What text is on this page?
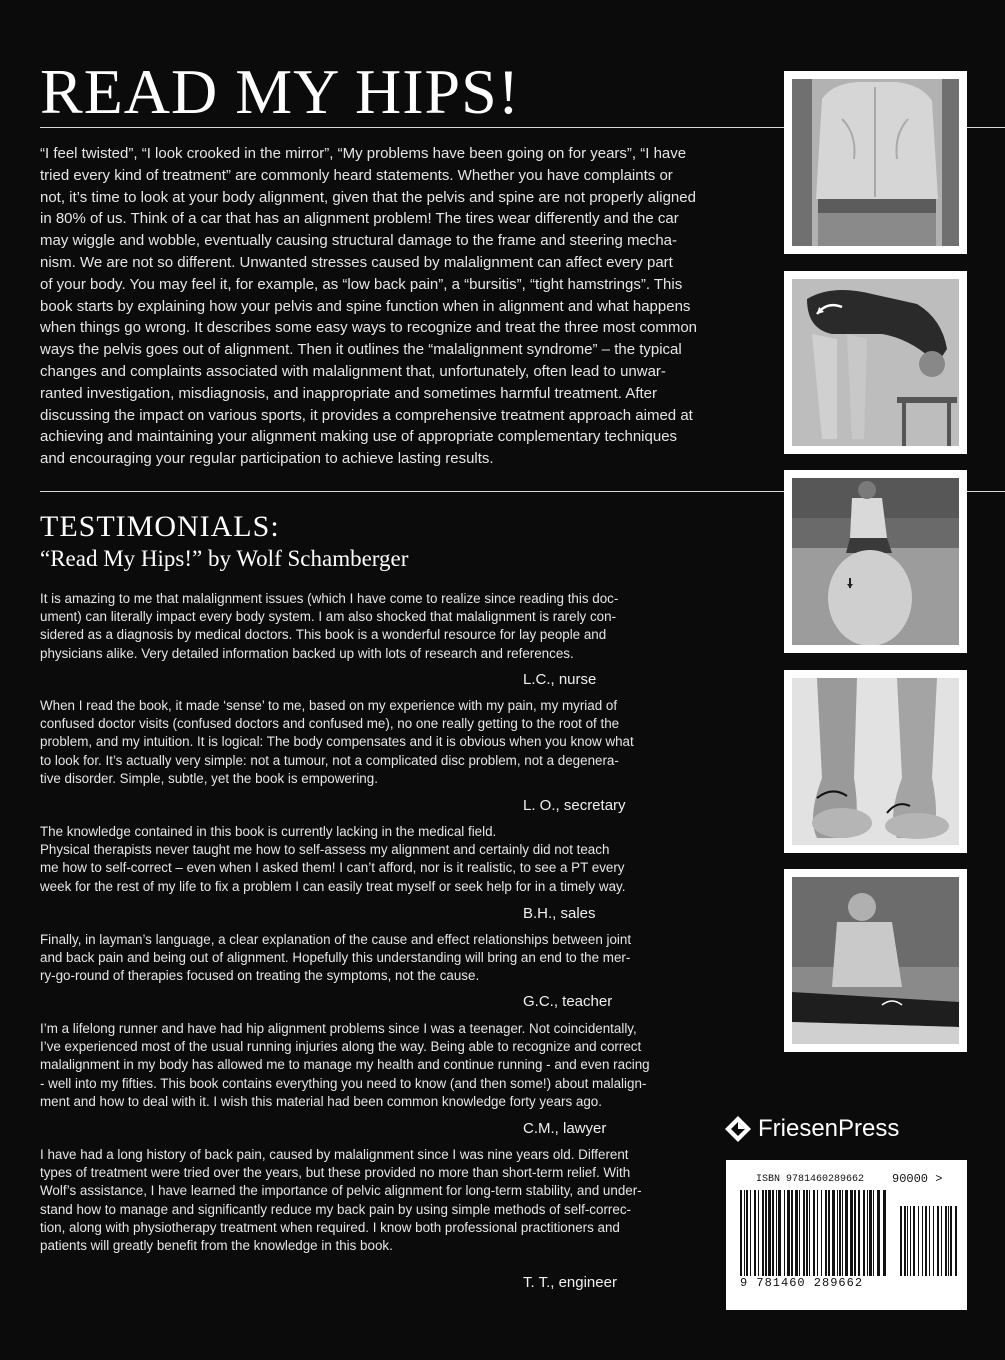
READ MY HIPS!
“I feel twisted”, “I look crooked in the mirror”, “My problems have been going on for years”, “I have
tried every kind of treatment” are commonly heard statements. Whether you have complaints or
not, it’s time to look at your body alignment, given that the pelvis and spine are not properly aligned
in 80% of us. Think of a car that has an alignment problem! The tires wear differently and the car
may wiggle and wobble, eventually causing structural damage to the frame and steering mecha-
nism. We are not so different. Unwanted stresses caused by malalignment can affect every part
of your body. You may feel it, for example, as “low back pain”, a “bursitis”, “tight hamstrings”. This
book starts by explaining how your pelvis and spine function when in alignment and what happens
when things go wrong. It describes some easy ways to recognize and treat the three most common
ways the pelvis goes out of alignment. Then it outlines the “malalignment syndrome” – the typical
changes and complaints associated with malalignment that, unfortunately, often lead to unwar-
ranted investigation, misdiagnosis, and inappropriate and sometimes harmful treatment. After
discussing the impact on various sports, it provides a comprehensive treatment approach aimed at
achieving and maintaining your alignment making use of appropriate complementary techniques
and encouraging your regular participation to achieve lasting results.
TESTIMONIALS:

“Read My Hips!” by Wolf Schamberger

It is amazing to me that malalignment issues (which I have come to realize since reading this doc-
ument) can literally impact every body system. I am also shocked that malalignment is rarely con-
sidered as a diagnosis by medical doctors. This book is a wonderful resource for lay people and
physicians alike. Very detailed information backed up with lots of research and references.
L.C., nurse
When I read the book, it made ‘sense’ to me, based on my experience with my pain, my myriad of
confused doctor visits (confused doctors and confused me), no one really getting to the root of the
problem, and my intuition. It is logical: The body compensates and it is obvious when you know what
to look for. It’s actually very simple: not a tumour, not a complicated disc problem, not a degenera-
tive disorder. Simple, subtle, yet the book is empowering.
L. O., secretary
The knowledge contained in this book is currently lacking in the medical field.
Physical therapists never taught me how to self-assess my alignment and certainly did not teach
me how to self-correct – even when I asked them! I can’t afford, nor is it realistic, to see a PT every
week for the rest of my life to fix a problem I can easily treat myself or seek help for in a timely way.
B.H., sales
Finally, in layman’s language, a clear explanation of the cause and effect relationships between joint
and back pain and being out of alignment. Hopefully this understanding will bring an end to the mer-
ry-go-round of therapies focused on treating the symptoms, not the cause.
G.C., teacher
I’m a lifelong runner and have had hip alignment problems since I was a teenager. Not coincidentally,
I’ve experienced most of the usual running injuries along the way. Being able to recognize and correct
malalignment in my body has allowed me to manage my health and continue running - and even racing
- well into my fifties. This book contains everything you need to know (and then some!) about malalign-
ment and how to deal with it. I wish this material had been common knowledge forty years ago.
C.M., lawyer
I have had a long history of back pain, caused by malalignment since I was nine years old. Different
types of treatment were tried over the years, but these provided no more than short-term relief. With
Wolf’s assistance, I have learned the importance of pelvic alignment for long-term stability, and under-
stand how to manage and significantly reduce my back pain by using simple methods of self-correc-
tion, along with physiotherapy treatment when required. I know both professional practitioners and
patients will greatly benefit from the knowledge in this book.
T. T., engineer
FriesenPress
ISBN 9781460289662 90000 >
9 781460 289662
